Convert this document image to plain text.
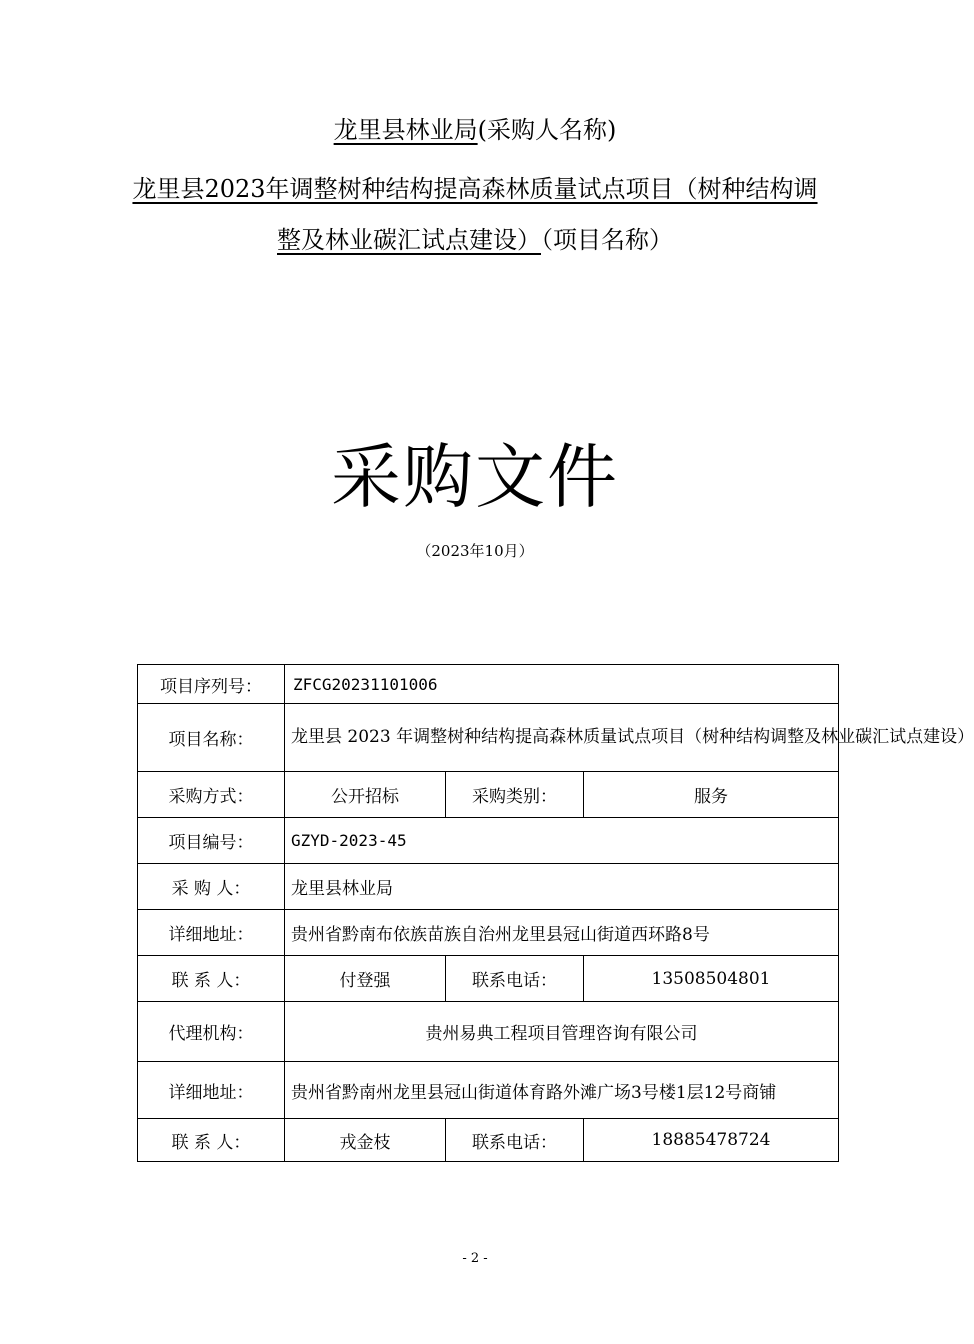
龙里县林业局(采购人名称)
龙里县2023年调整树种结构提高森林质量试点项目（树种结构调
整及林业碳汇试点建设）（项目名称）
采购文件
（2023年10月）
项目序列号：	ZFCG20231101006		
项目名称：	龙里县 2023 年调整树种结构提高森林质量试点项目（树种结构调整及林业碳汇试点建设）		
采购方式：	公开招标	采购类别：	服务
项目编号：	GZYD-2023-45		
采 购 人：	龙里县林业局		
详细地址：	贵州省黔南布依族苗族自治州龙里县冠山街道西环路8号		
联 系 人：	付登强	联系电话：	13508504801
代理机构：	贵州易典工程项目管理咨询有限公司		
详细地址：	贵州省黔南州龙里县冠山街道体育路外滩广场3号楼1层12号商铺		
联 系 人：	戎金枝	联系电话：	18885478724
- 2 -
